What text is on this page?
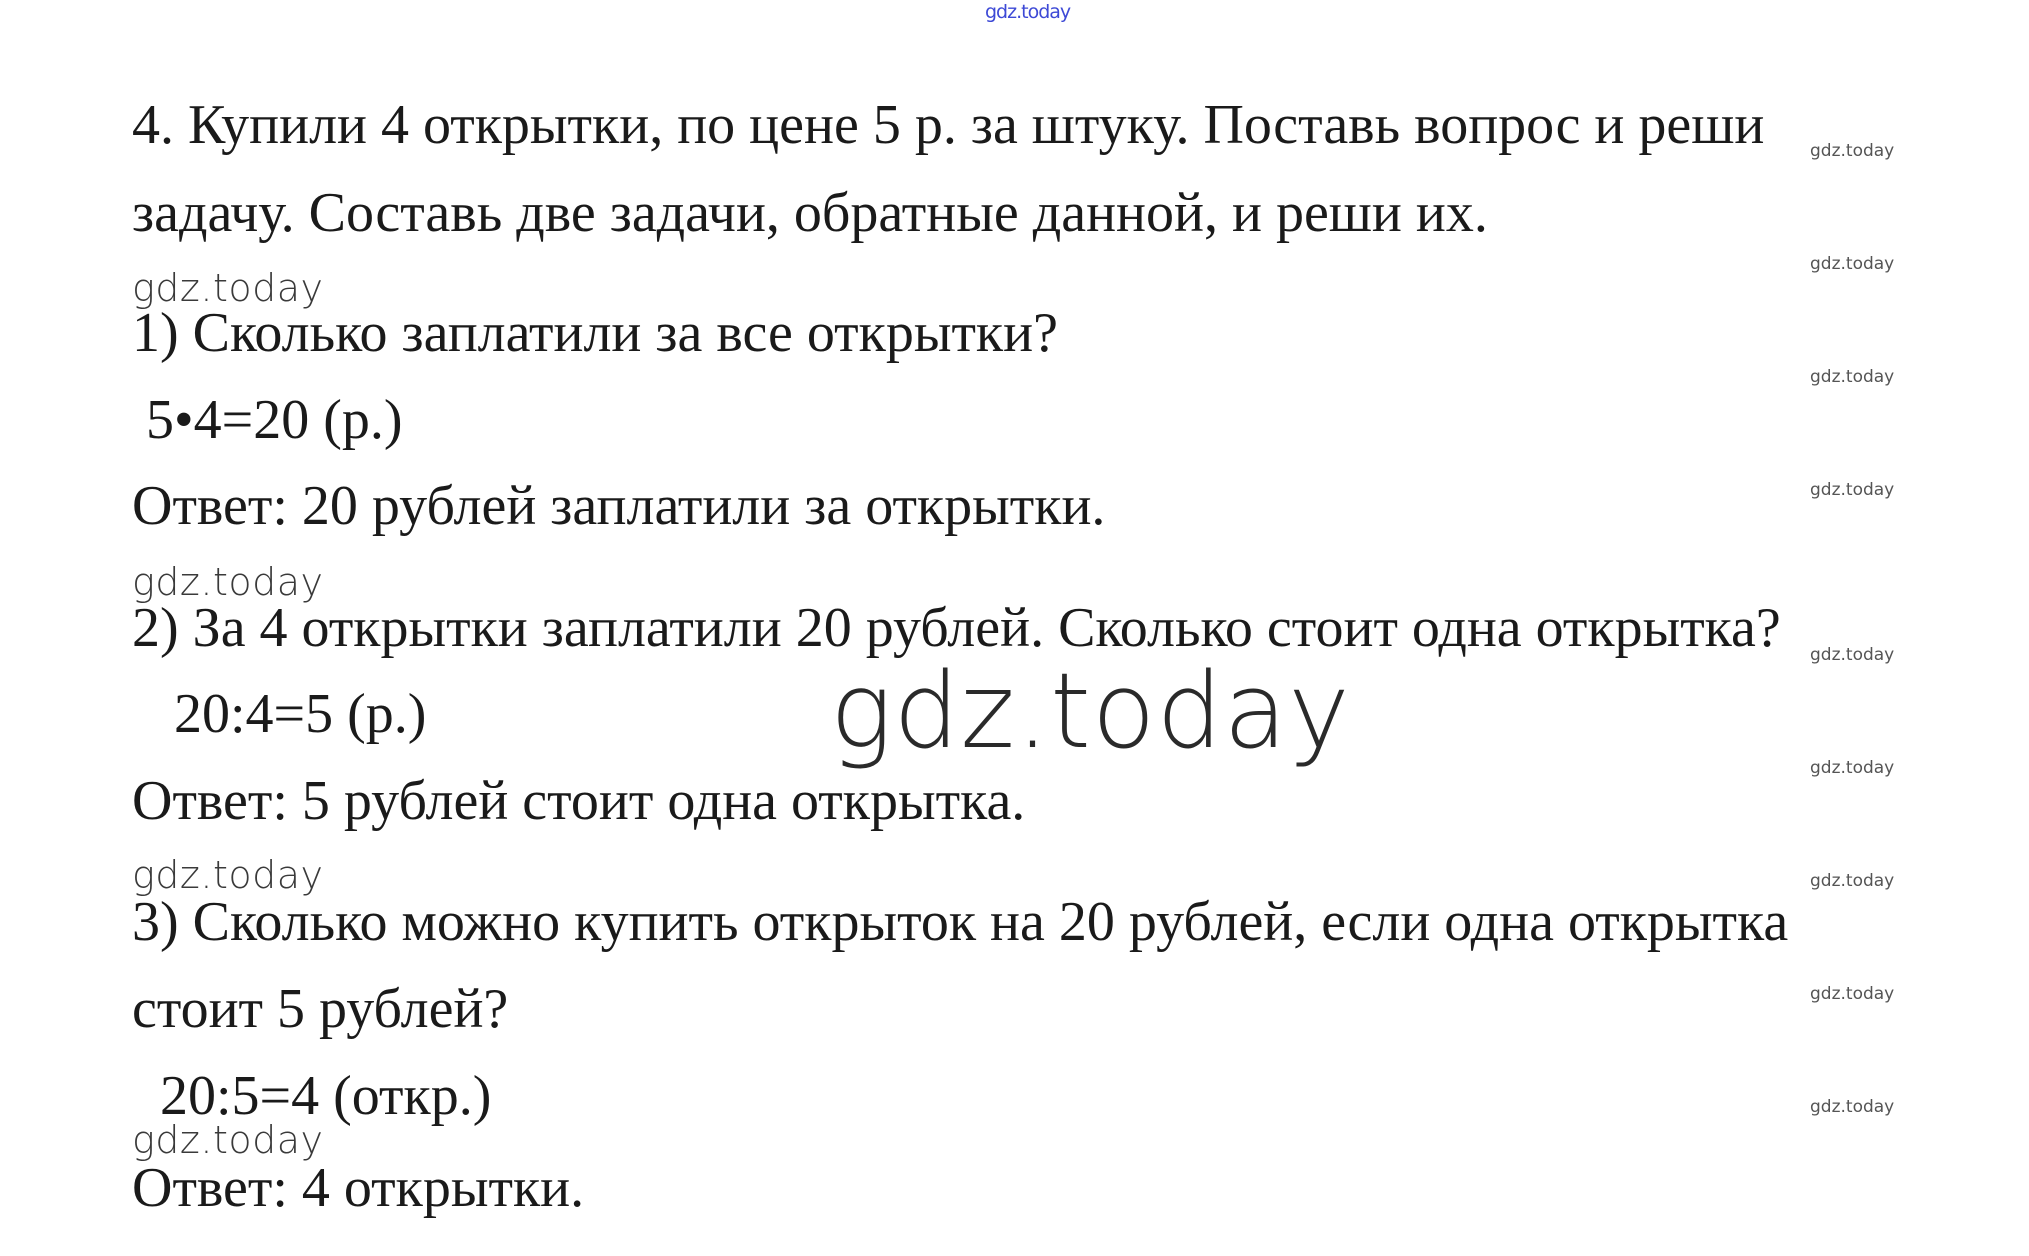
gdz.today
4. Купили 4 открытки, по цене 5 р. за штуку. Поставь вопрос и реши
задачу. Составь две задачи, обратные данной, и реши их.
gdz.today
1) Сколько заплатили за все открытки?
5•4=20 (р.)
Ответ: 20 рублей заплатили за открытки.
gdz.today
2) За 4 открытки заплатили 20 рублей. Сколько стоит одна открытка?
20:4=5 (р.)
Ответ: 5 рублей стоит одна открытка.
gdz.today
3) Сколько можно купить открыток на 20 рублей, если одна открытка
стоит 5 рублей?
20:5=4 (откр.)
gdz.today
Ответ: 4 открытки.
gdz.today
gdz.today
gdz.today
gdz.today
gdz.today
gdz.today
gdz.today
gdz.today
gdz.today
gdz.today
